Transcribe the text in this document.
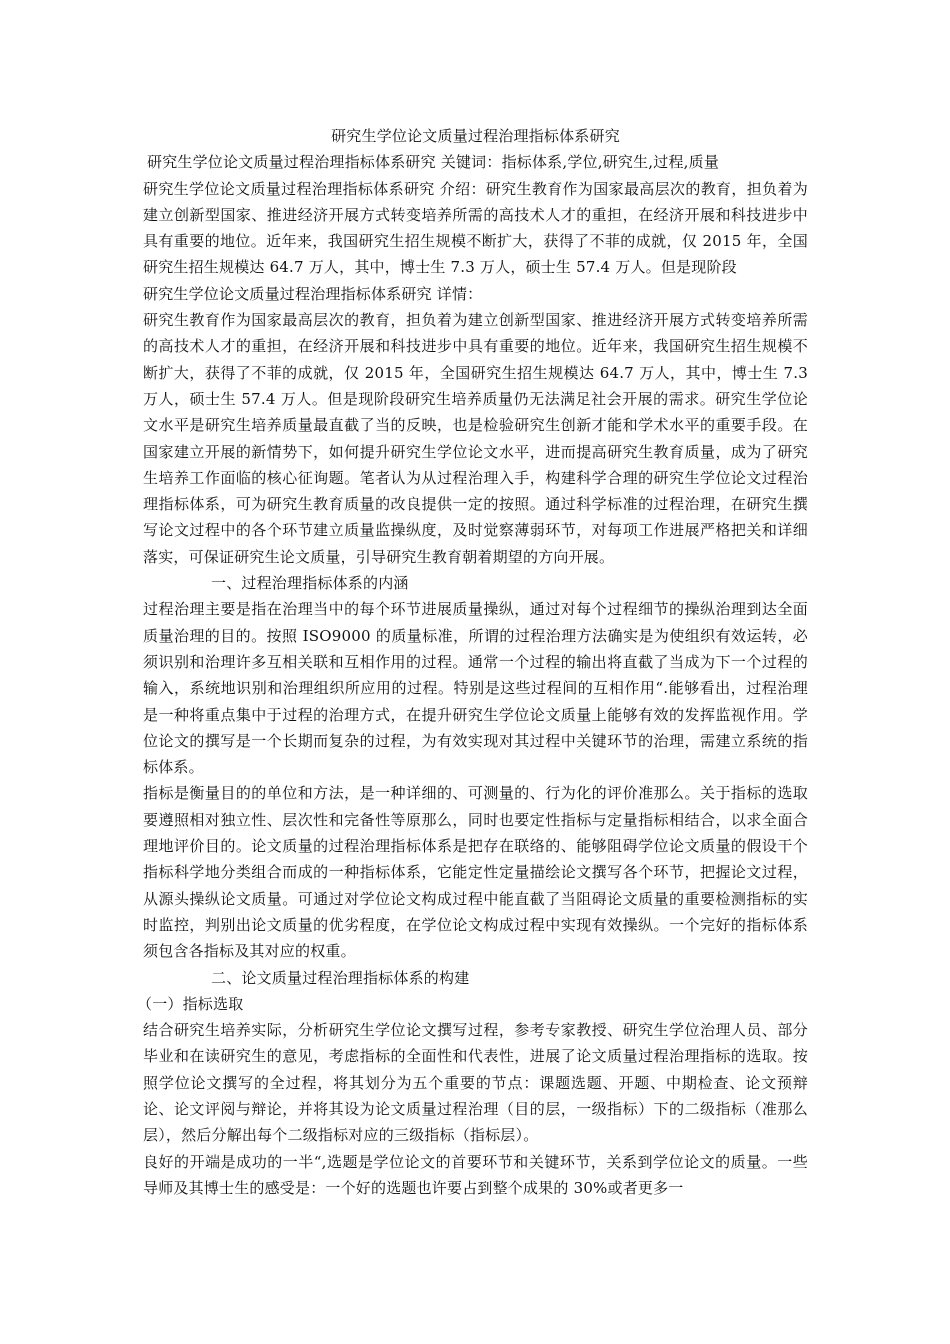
研究生学位论文质量过程治理指标体系研究

研究生学位论文质量过程治理指标体系研究 关键词：指标体系,学位,研究生,过程,质量

研究生学位论文质量过程治理指标体系研究 介绍：研究生教育作为国家最高层次的教育，担负着为建立创新型国家、推进经济开展方式转变培养所需的高技术人才的重担，在经济开展和科技进步中具有重要的地位。近年来，我国研究生招生规模不断扩大，获得了不菲的成就，仅 2015 年，全国研究生招生规模达 64.7 万人，其中，博士生 7.3 万人，硕士生 57.4 万人。但是现阶段

研究生学位论文质量过程治理指标体系研究 详情：

研究生教育作为国家最高层次的教育，担负着为建立创新型国家、推进经济开展方式转变培养所需的高技术人才的重担，在经济开展和科技进步中具有重要的地位。近年来，我国研究生招生规模不断扩大，获得了不菲的成就，仅 2015 年，全国研究生招生规模达 64.7 万人，其中，博士生 7.3 万人，硕士生 57.4 万人。但是现阶段研究生培养质量仍无法满足社会开展的需求。研究生学位论文水平是研究生培养质量最直截了当的反映，也是检验研究生创新才能和学术水平的重要手段。在国家建立开展的新情势下，如何提升研究生学位论文水平，进而提高研究生教育质量，成为了研究生培养工作面临的核心征询题。笔者认为从过程治理入手，构建科学合理的研究生学位论文过程治理指标体系，可为研究生教育质量的改良提供一定的按照。通过科学标准的过程治理，在研究生撰写论文过程中的各个环节建立质量监操纵度，及时觉察薄弱环节，对每项工作进展严格把关和详细落实，可保证研究生论文质量，引导研究生教育朝着期望的方向开展。

一、过程治理指标体系的内涵

过程治理主要是指在治理当中的每个环节进展质量操纵，通过对每个过程细节的操纵治理到达全面质量治理的目的。按照 ISO9000 的质量标准，所谓的过程治理方法确实是为使组织有效运转，必须识别和治理许多互相关联和互相作用的过程。通常一个过程的输出将直截了当成为下一个过程的输入，系统地识别和治理组织所应用的过程。特别是这些过程间的互相作用“.能够看出，过程治理是一种将重点集中于过程的治理方式，在提升研究生学位论文质量上能够有效的发挥监视作用。学位论文的撰写是一个长期而复杂的过程，为有效实现对其过程中关键环节的治理，需建立系统的指标体系。

指标是衡量目的的单位和方法，是一种详细的、可测量的、行为化的评价准那么。关于指标的选取要遵照相对独立性、层次性和完备性等原那么，同时也要定性指标与定量指标相结合，以求全面合理地评价目的。论文质量的过程治理指标体系是把存在联络的、能够阻碍学位论文质量的假设干个指标科学地分类组合而成的一种指标体系，它能定性定量描绘论文撰写各个环节，把握论文过程，从源头操纵论文质量。可通过对学位论文构成过程中能直截了当阻碍论文质量的重要检测指标的实时监控，判别出论文质量的优劣程度，在学位论文构成过程中实现有效操纵。一个完好的指标体系须包含各指标及其对应的权重。

二、论文质量过程治理指标体系的构建

（一）指标选取

结合研究生培养实际，分析研究生学位论文撰写过程，参考专家教授、研究生学位治理人员、部分毕业和在读研究生的意见，考虑指标的全面性和代表性，进展了论文质量过程治理指标的选取。按照学位论文撰写的全过程，将其划分为五个重要的节点：课题选题、开题、中期检查、论文预辩论、论文评阅与辩论，并将其设为论文质量过程治理（目的层，一级指标）下的二级指标（准那么层），然后分解出每个二级指标对应的三级指标（指标层）。

良好的开端是成功的一半“,选题是学位论文的首要环节和关键环节，关系到学位论文的质量。一些导师及其博士生的感受是：一个好的选题也许要占到整个成果的 30%或者更多一
